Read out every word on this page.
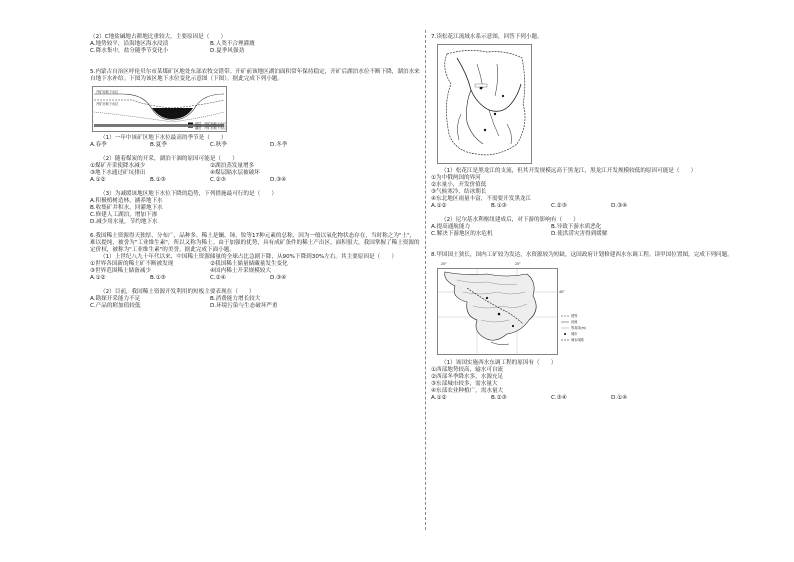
（2）C地盐碱地占耕地比重较大，主要原因是（　　）

A.地势较平，沿海地区海水浸渍	B.人类不合理灌溉
C.降水集中，盐分随季节变化小	D.夏季风强劲

5.内蒙古自治区呼伦贝尔市某煤矿区地处东部农牧交错带。开矿前该地区湖泊面积常年保持稳定，开矿后湖泊水位不断下降，湖泊水来自地下水补给。下图为该区地下水位变化示意图（下图）。据此完成下列小题。

开矿前地下水位
开矿后地下水位
煤层
湖泊
开矿前地下水位
开矿后地下水位

（1）一年中该矿区地下水位最高的季节是（　　）

A.春季	B.夏季	C.秋季	D.冬季

（2）随着煤炭的开采，湖泊干涸的原因可能是（　　）

①煤矿开采使降水减少	②湖泊蒸发量增多
③地下水通过矿坑排出	④煤层隔水层被破坏
A.①②	B.①③	C.②③	D.③④

（3）为减缓该地区地下水位下降的趋势，下列措施最可行的是（　　）

A.积极植树造林，涵养地下水

B.收集矿井积水，回灌地下水

C.修建人工湖泊，增加下渗

D.减少用水量，节约地下水

6.我国稀土资源得天独厚，分布广，品种多。稀土是镧、铈、钕等17种元素的总称，因为一般以氧化物状态存在，当时称之为"土"，难以提纯，被誉为"工业维生素"，所以又称为稀土。由于加强的优势，具有成矿条件的稀土产出区，面积很大，我国掌握了稀土资源的定价权，被称为"工业维生素"的美誉。据此完成下面小题。

（1）上世纪八九十年代以来，中国稀土资源储量的全球占比急剧下降，从90%下降到30%左右。其主要原因是（　　）

①世界各国新的稀土矿不断被发现	②我国稀土储量储藏量发生变化
③世界范围稀土储备减少	④国内稀土开采规模较大
A.①②	B.①③	C.②④	D.③④

（2）目前，我国稀土资源开发利用的短板主要表现在（　　）

A.勘探开采能力不足	B.消费能力增长较大
C.产品的附加值较低	D.环境污染与生态破坏严重

7.读松花江流域水系示意图，回答下列小题。

（1）松花江是黑龙江的支流，但其开发规模远高于黑龙江，黑龙江开发规模较低的原因可能是（　　）

①为中俄两国的界河

②水量小，开发价值低

③气候寒冷，结冰期长

④东北地区雨量丰富，不需要开发黑龙江

A.①②	B.①③	C.②③	D.③④

（2）尼尔基水利枢纽建成后，对下游的影响有（　　）

A.提高通航能力	B.导致下游水质恶化
C.解决下游地区的水危机	D.使洪涝灾害得到缓解

8.甲国国土狭长，国内工矿较为发达，水资源较为短缺，这国政府计划修建西水东调工程。读甲国位置图，完成下列问题。

20°	25°
40°
国界
河流
等高线(m)
城市
调水线路

（1）该国实施西水东调工程的原因有（　　）

①西部地势较高，输水可自流

②西部冬季降水多，水源充足

③东部城市较多，需水量大

④东部农业种植广，需水量大

A.①②	B.②③	C.③④	D.①④
